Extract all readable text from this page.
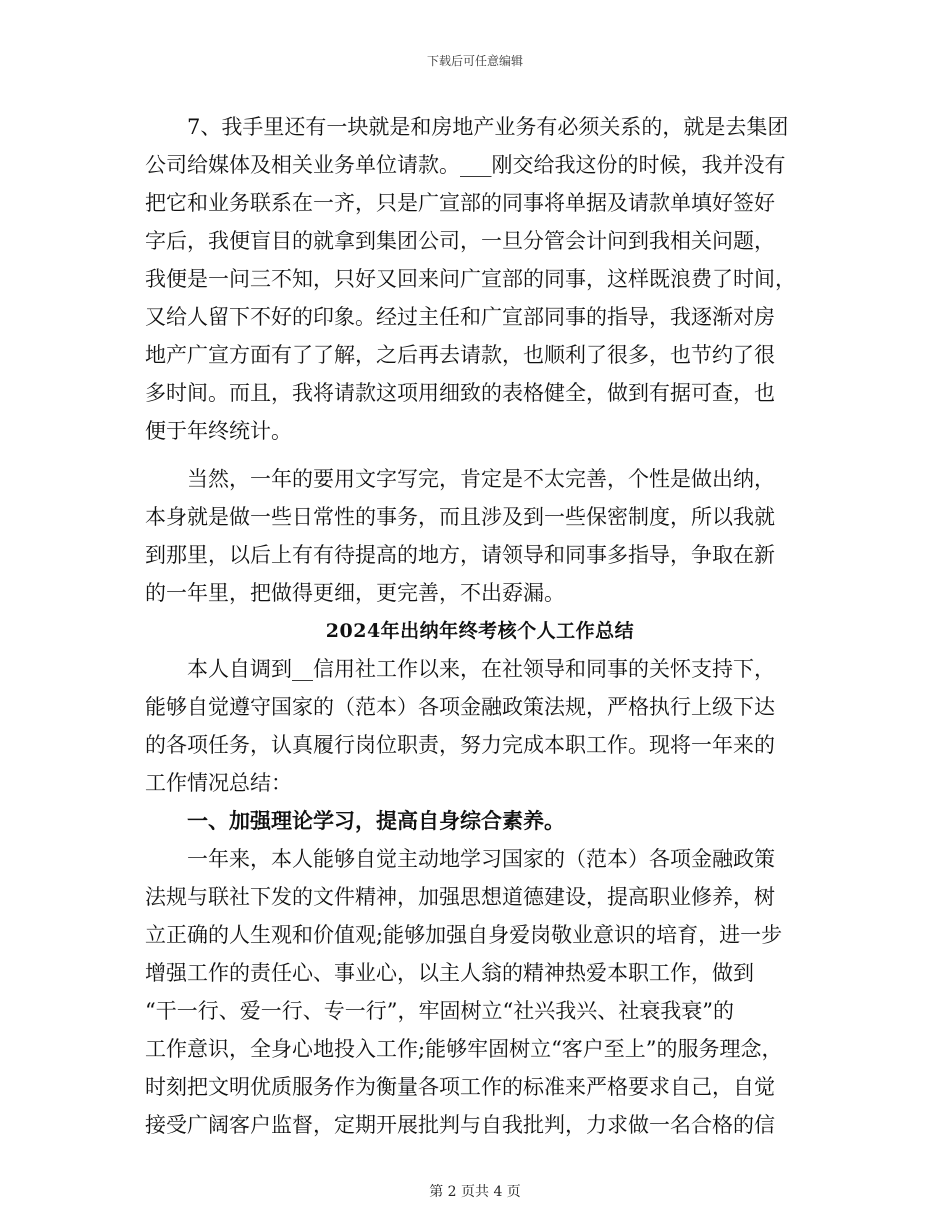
下载后可任意编辑
7、我手里还有一块就是和房地产业务有必须关系的，就是去集团
公司给媒体及相关业务单位请款。___刚交给我这份的时候，我并没有
把它和业务联系在一齐，只是广宣部的同事将单据及请款单填好签好
字后，我便盲目的就拿到集团公司，一旦分管会计问到我相关问题，
我便是一问三不知，只好又回来问广宣部的同事，这样既浪费了时间，
又给人留下不好的印象。经过主任和广宣部同事的指导，我逐渐对房
地产广宣方面有了了解，之后再去请款，也顺利了很多，也节约了很
多时间。而且，我将请款这项用细致的表格健全，做到有据可查，也
便于年终统计。
当然，一年的要用文字写完，肯定是不太完善，个性是做出纳，
本身就是做一些日常性的事务，而且涉及到一些保密制度，所以我就
到那里，以后上有有待提高的地方，请领导和同事多指导，争取在新
的一年里，把做得更细，更完善，不出孬漏。
2024年出纳年终考核个人工作总结
本人自调到__信用社工作以来，在社领导和同事的关怀支持下，
能够自觉遵守国家的（范本）各项金融政策法规，严格执行上级下达
的各项任务，认真履行岗位职责，努力完成本职工作。现将一年来的
工作情况总结：
一、加强理论学习，提高自身综合素养。
一年来，本人能够自觉主动地学习国家的（范本）各项金融政策
法规与联社下发的文件精神，加强思想道德建设，提高职业修养，树
立正确的人生观和价值观;能够加强自身爱岗敬业意识的培育，进一步
增强工作的责任心、事业心，以主人翁的精神热爱本职工作，做到
“干一行、爱一行、专一行”，牢固树立“社兴我兴、社衰我衰”的
工作意识，全身心地投入工作;能够牢固树立“客户至上”的服务理念，
时刻把文明优质服务作为衡量各项工作的标准来严格要求自己，自觉
接受广阔客户监督，定期开展批判与自我批判，力求做一名合格的信
第 2 页共 4 页
